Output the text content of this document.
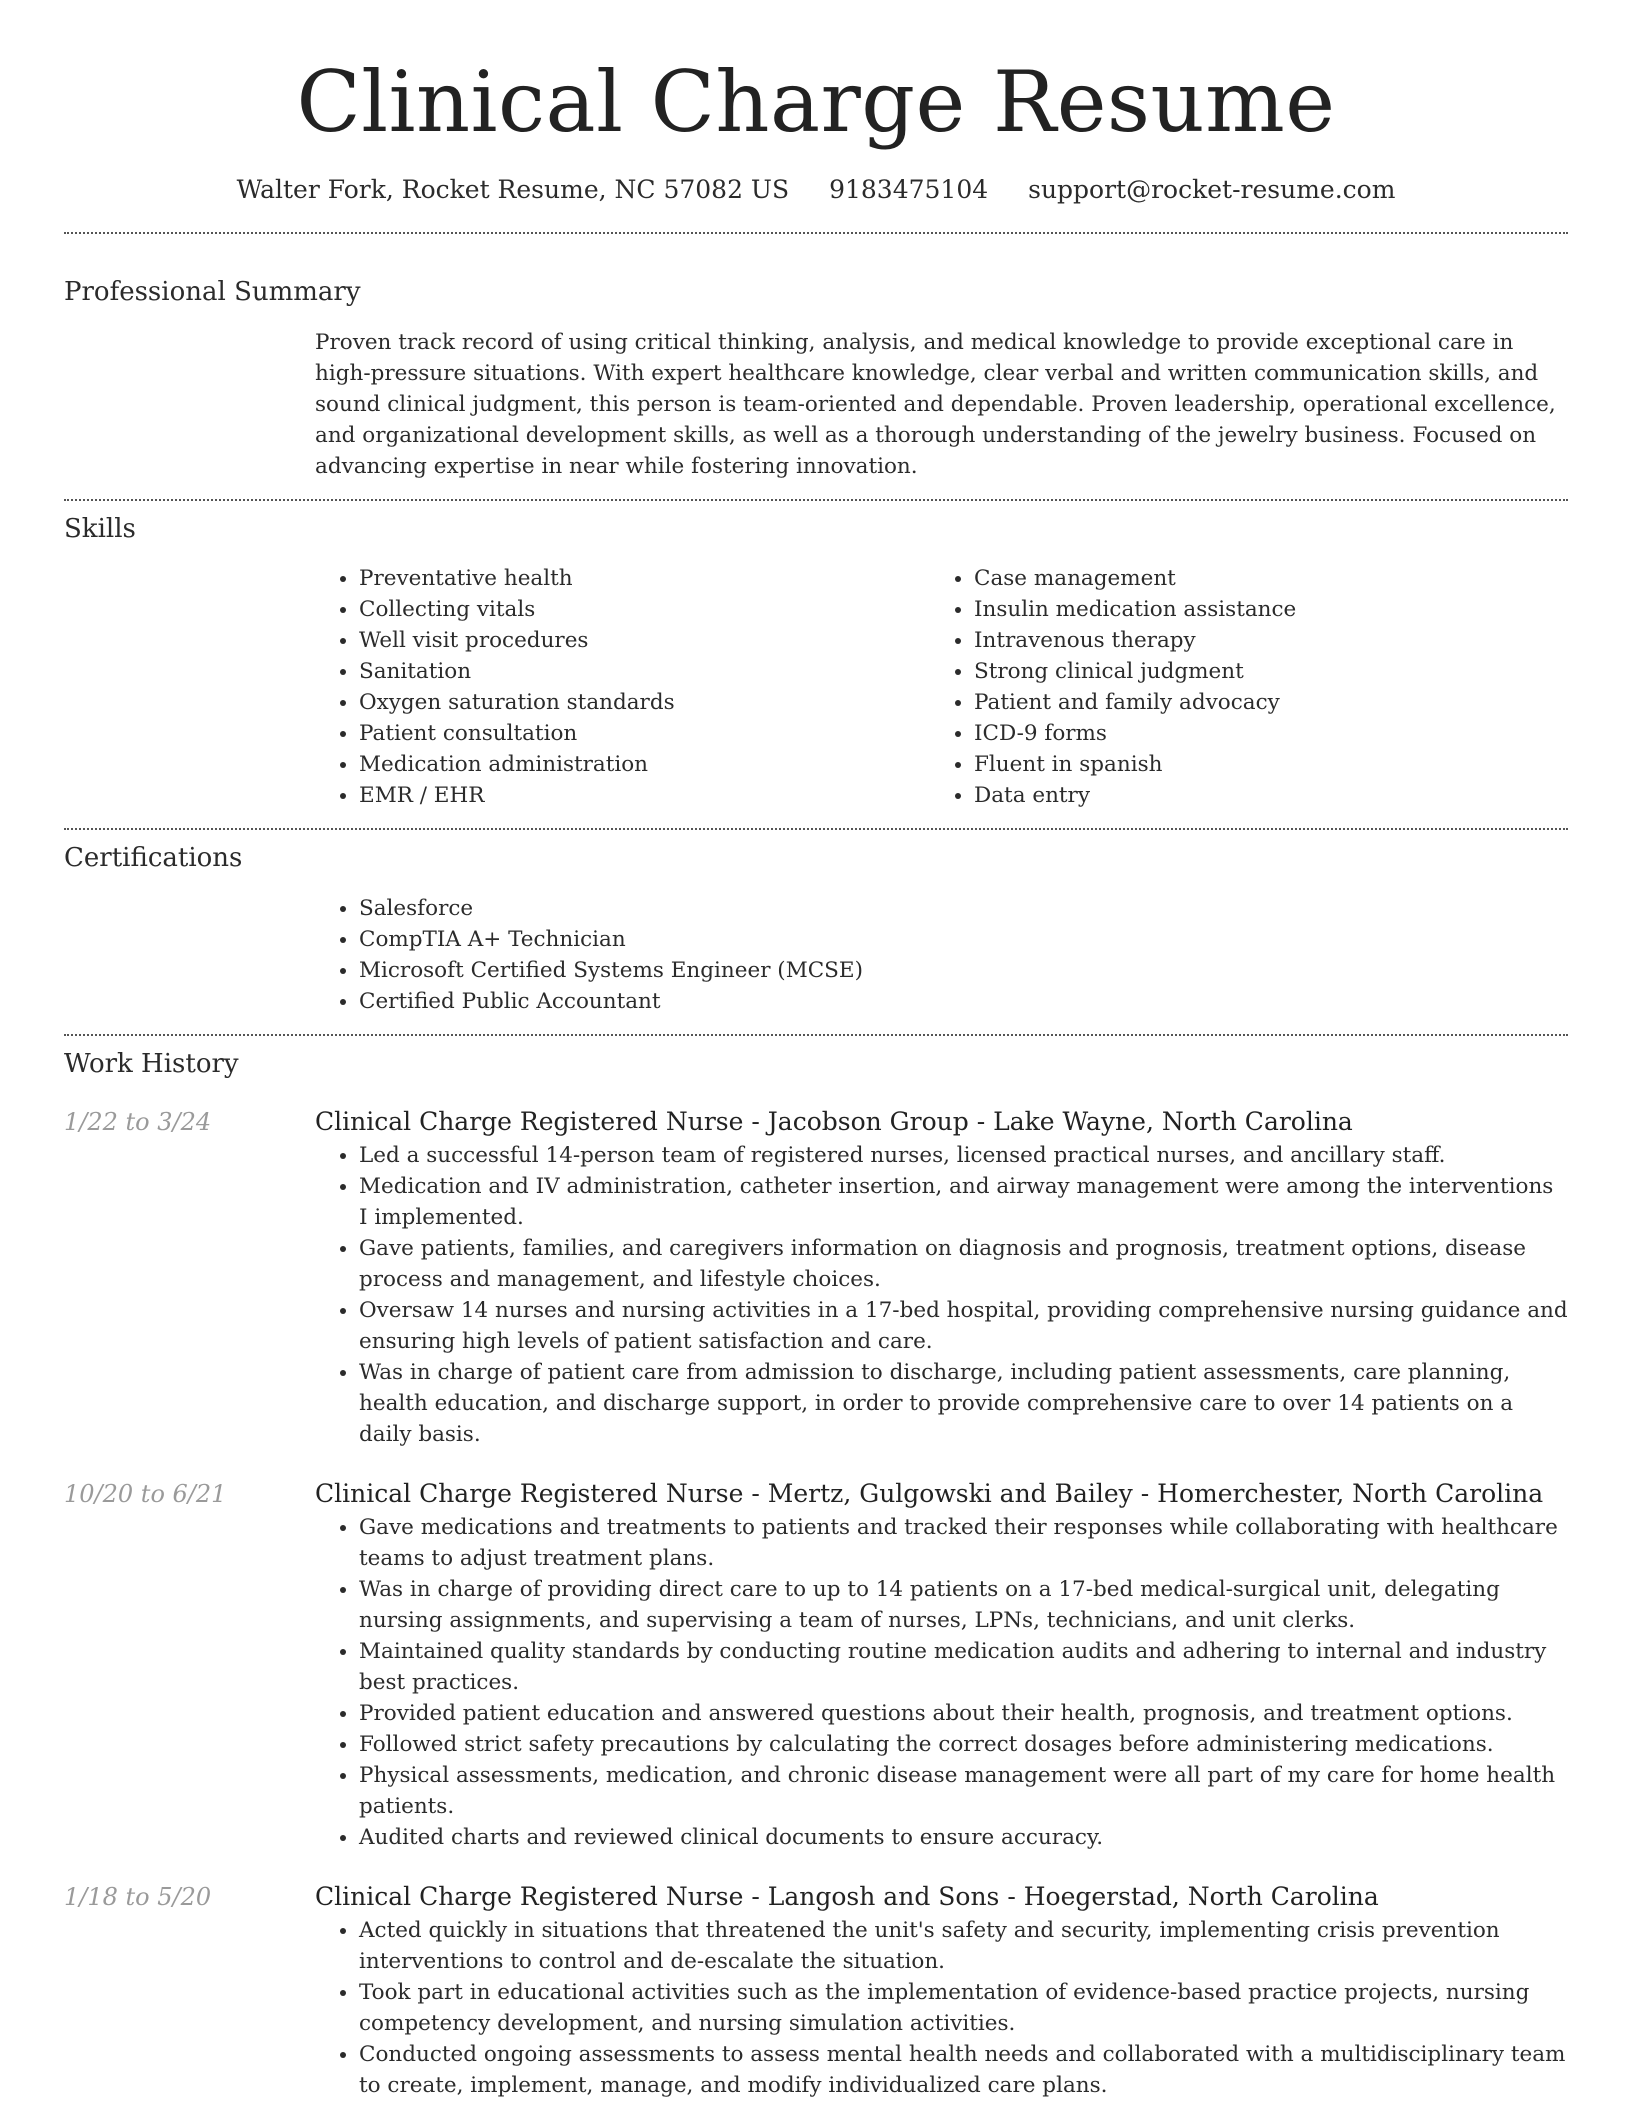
Clinical Charge Resume
Walter Fork, Rocket Resume, NC 57082 US 9183475104 support@rocket-resume.com
Professional Summary
Proven track record of using critical thinking, analysis, and medical knowledge to provide exceptional care in high-pressure situations. With expert healthcare knowledge, clear verbal and written communication skills, and sound clinical judgment, this person is team-oriented and dependable. Proven leadership, operational excellence, and organizational development skills, as well as a thorough understanding of the jewelry business. Focused on advancing expertise in near while fostering innovation.
Skills
• Preventative health
• Collecting vitals
• Well visit procedures
• Sanitation
• Oxygen saturation standards
• Patient consultation
• Medication administration
• EMR / EHR
• Case management
• Insulin medication assistance
• Intravenous therapy
• Strong clinical judgment
• Patient and family advocacy
• ICD-9 forms
• Fluent in spanish
• Data entry
Certifications
• Salesforce
• CompTIA A+ Technician
• Microsoft Certified Systems Engineer (MCSE)
• Certified Public Accountant
Work History
1/22 to 3/24	Clinical Charge Registered Nurse - Jacobson Group - Lake Wayne, North Carolina
• Led a successful 14-person team of registered nurses, licensed practical nurses, and ancillary staff.
• Medication and IV administration, catheter insertion, and airway management were among the interventions I implemented.
• Gave patients, families, and caregivers information on diagnosis and prognosis, treatment options, disease process and management, and lifestyle choices.
• Oversaw 14 nurses and nursing activities in a 17-bed hospital, providing comprehensive nursing guidance and ensuring high levels of patient satisfaction and care.
• Was in charge of patient care from admission to discharge, including patient assessments, care planning, health education, and discharge support, in order to provide comprehensive care to over 14 patients on a daily basis.
10/20 to 6/21	Clinical Charge Registered Nurse - Mertz, Gulgowski and Bailey - Homerchester, North Carolina
• Gave medications and treatments to patients and tracked their responses while collaborating with healthcare teams to adjust treatment plans.
• Was in charge of providing direct care to up to 14 patients on a 17-bed medical-surgical unit, delegating nursing assignments, and supervising a team of nurses, LPNs, technicians, and unit clerks.
• Maintained quality standards by conducting routine medication audits and adhering to internal and industry best practices.
• Provided patient education and answered questions about their health, prognosis, and treatment options.
• Followed strict safety precautions by calculating the correct dosages before administering medications.
• Physical assessments, medication, and chronic disease management were all part of my care for home health patients.
• Audited charts and reviewed clinical documents to ensure accuracy.
1/18 to 5/20	Clinical Charge Registered Nurse - Langosh and Sons - Hoegerstad, North Carolina
• Acted quickly in situations that threatened the unit's safety and security, implementing crisis prevention interventions to control and de-escalate the situation.
• Took part in educational activities such as the implementation of evidence-based practice projects, nursing competency development, and nursing simulation activities.
• Conducted ongoing assessments to assess mental health needs and collaborated with a multidisciplinary team to create, implement, manage, and modify individualized care plans.
